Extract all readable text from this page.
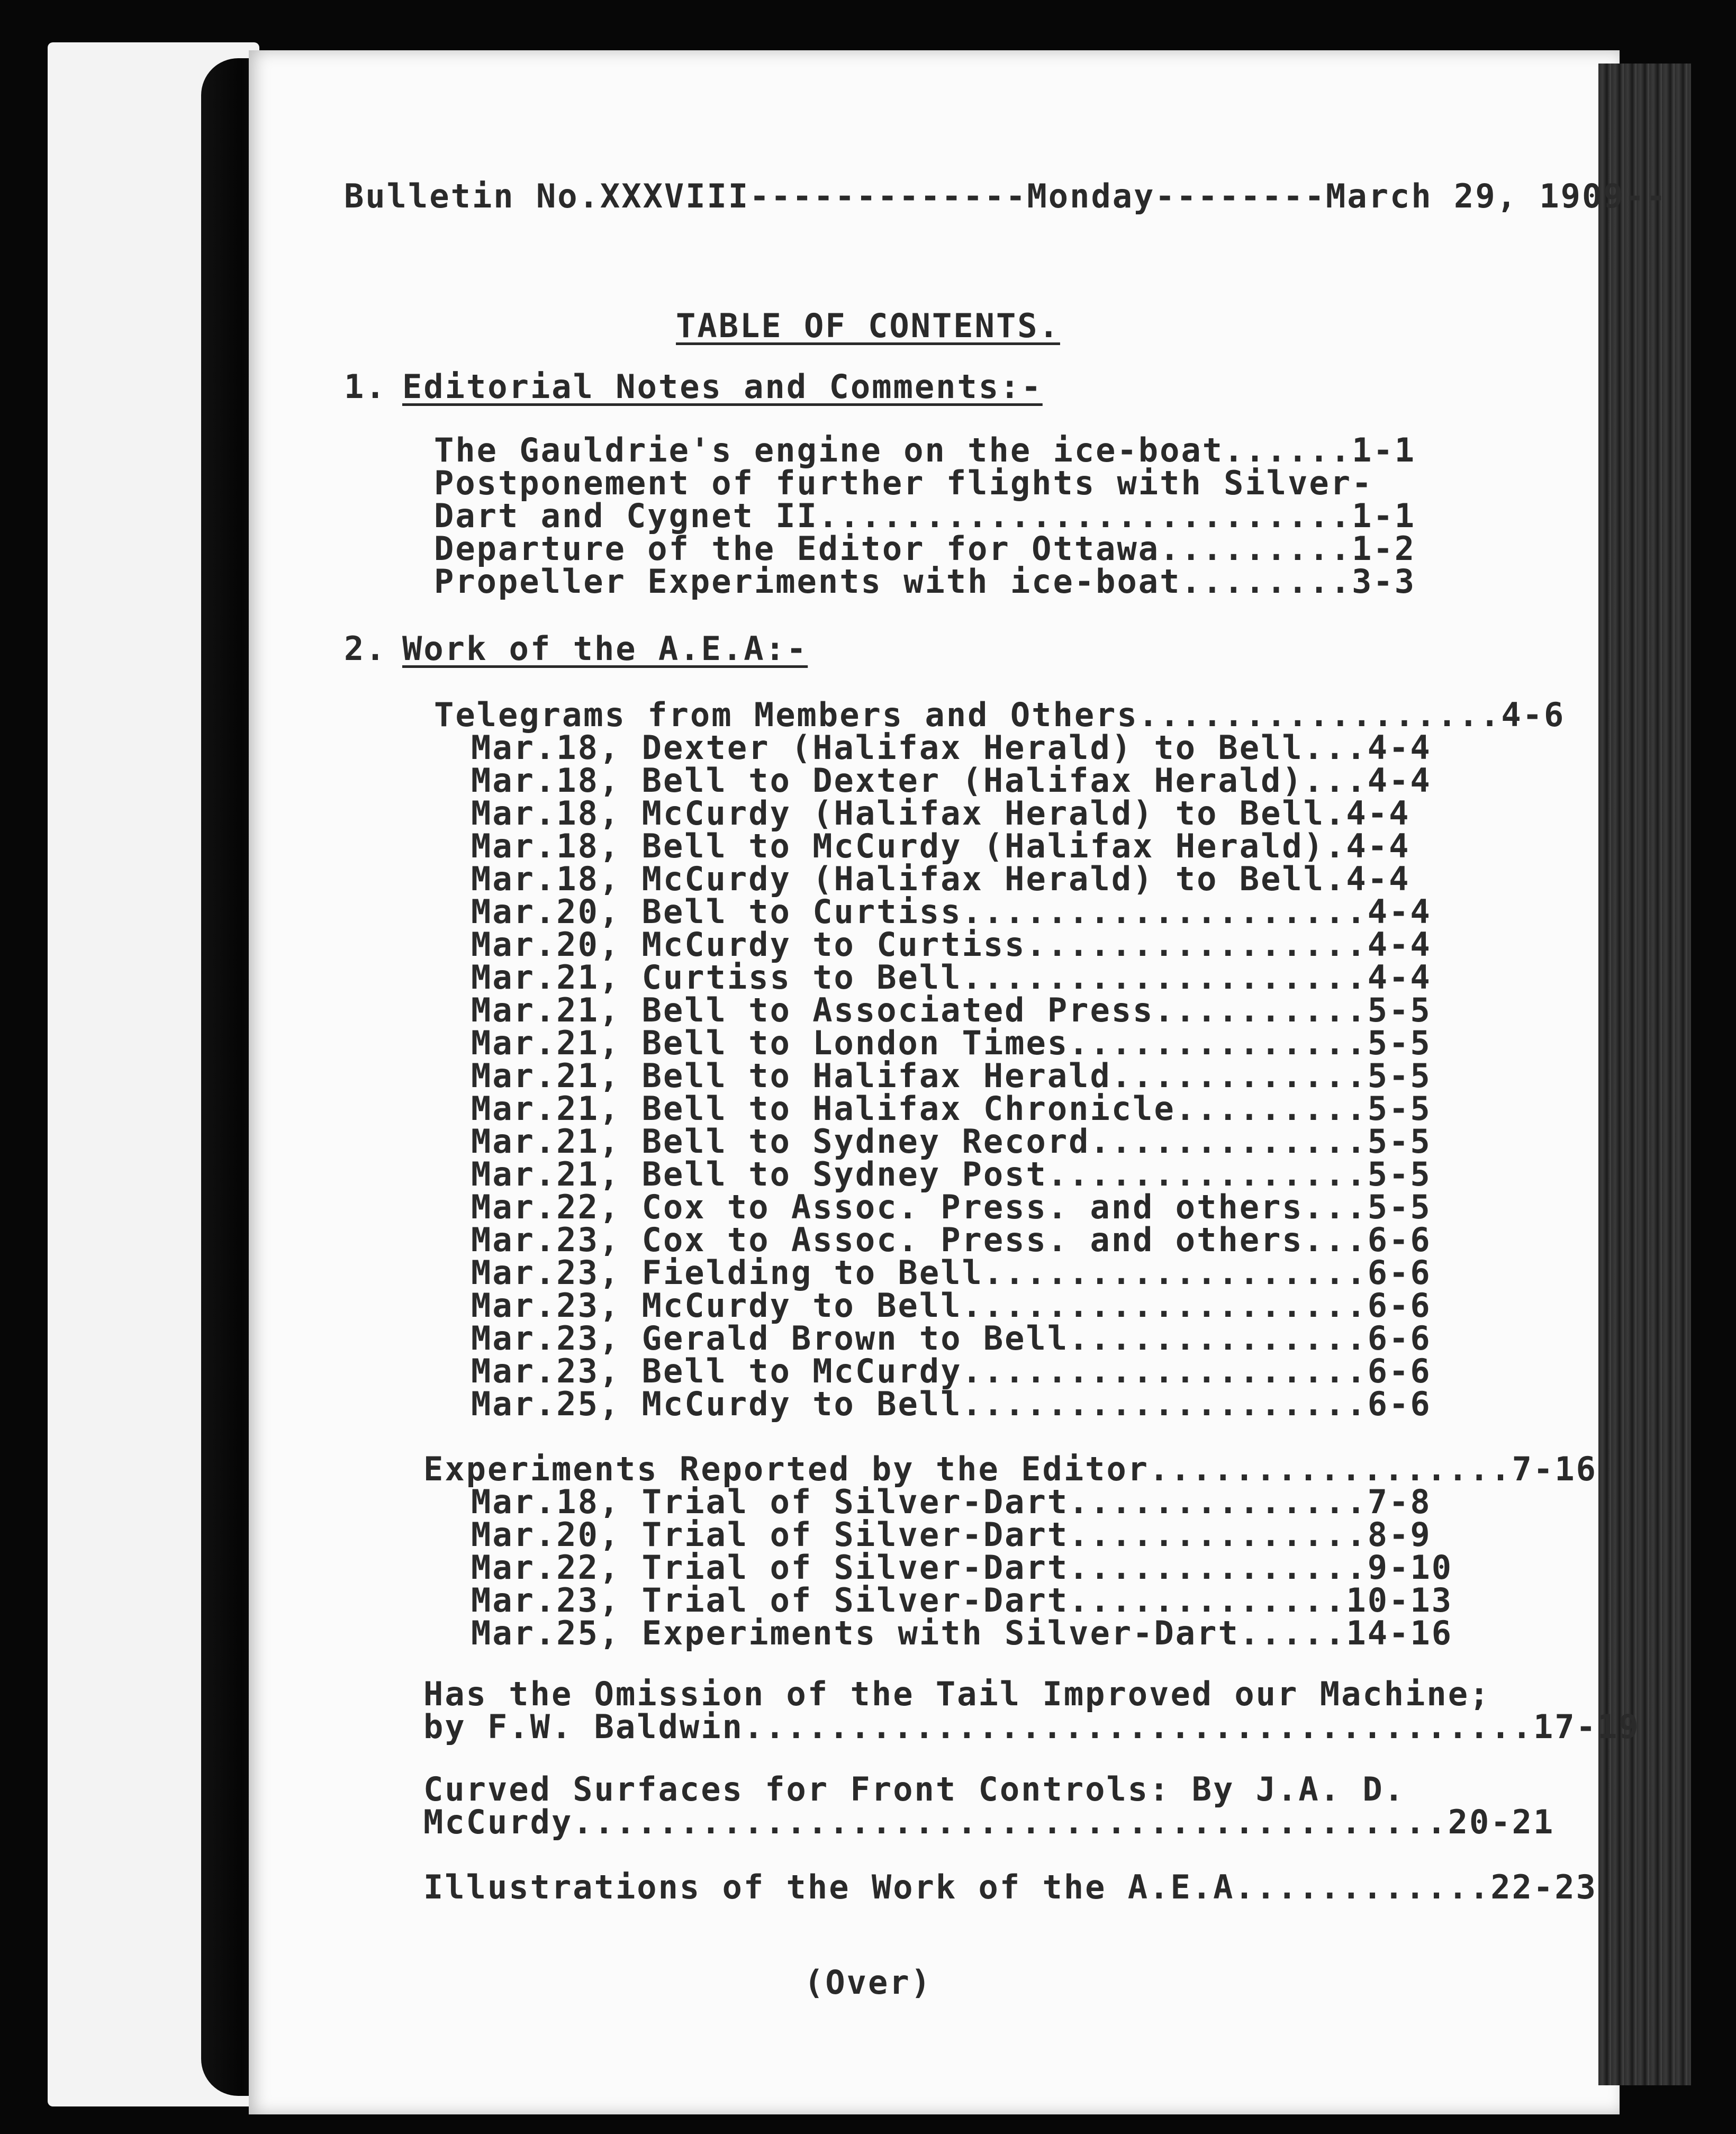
Bulletin No.XXXVIII-------------Monday--------March 29, 1909--
TABLE OF CONTENTS.
1. Editorial Notes and Comments:-
The Gauldrie's engine on the ice-boat......1-1
Postponement of further flights with Silver-
Dart and Cygnet II.........................1-1
Departure of the Editor for Ottawa.........1-2
Propeller Experiments with ice-boat........3-3
2. Work of the A.E.A:-
Telegrams from Members and Others.................4-6
Mar.18, Dexter (Halifax Herald) to Bell...4-4
Mar.18, Bell to Dexter (Halifax Herald)...4-4
Mar.18, McCurdy (Halifax Herald) to Bell.4-4
Mar.18, Bell to McCurdy (Halifax Herald).4-4
Mar.18, McCurdy (Halifax Herald) to Bell.4-4
Mar.20, Bell to Curtiss...................4-4
Mar.20, McCurdy to Curtiss................4-4
Mar.21, Curtiss to Bell...................4-4
Mar.21, Bell to Associated Press..........5-5
Mar.21, Bell to London Times..............5-5
Mar.21, Bell to Halifax Herald............5-5
Mar.21, Bell to Halifax Chronicle.........5-5
Mar.21, Bell to Sydney Record.............5-5
Mar.21, Bell to Sydney Post...............5-5
Mar.22, Cox to Assoc. Press. and others...5-5
Mar.23, Cox to Assoc. Press. and others...6-6
Mar.23, Fielding to Bell..................6-6
Mar.23, McCurdy to Bell...................6-6
Mar.23, Gerald Brown to Bell..............6-6
Mar.23, Bell to McCurdy...................6-6
Mar.25, McCurdy to Bell...................6-6
Experiments Reported by the Editor.................7-16
Mar.18, Trial of Silver-Dart..............7-8
Mar.20, Trial of Silver-Dart..............8-9
Mar.22, Trial of Silver-Dart..............9-10
Mar.23, Trial of Silver-Dart.............10-13
Mar.25, Experiments with Silver-Dart.....14-16
Has the Omission of the Tail Improved our Machine;
by F.W. Baldwin.....................................17-19
Curved Surfaces for Front Controls: By J.A. D.
McCurdy.........................................20-21
Illustrations of the Work of the A.E.A............22-23
(Over)
